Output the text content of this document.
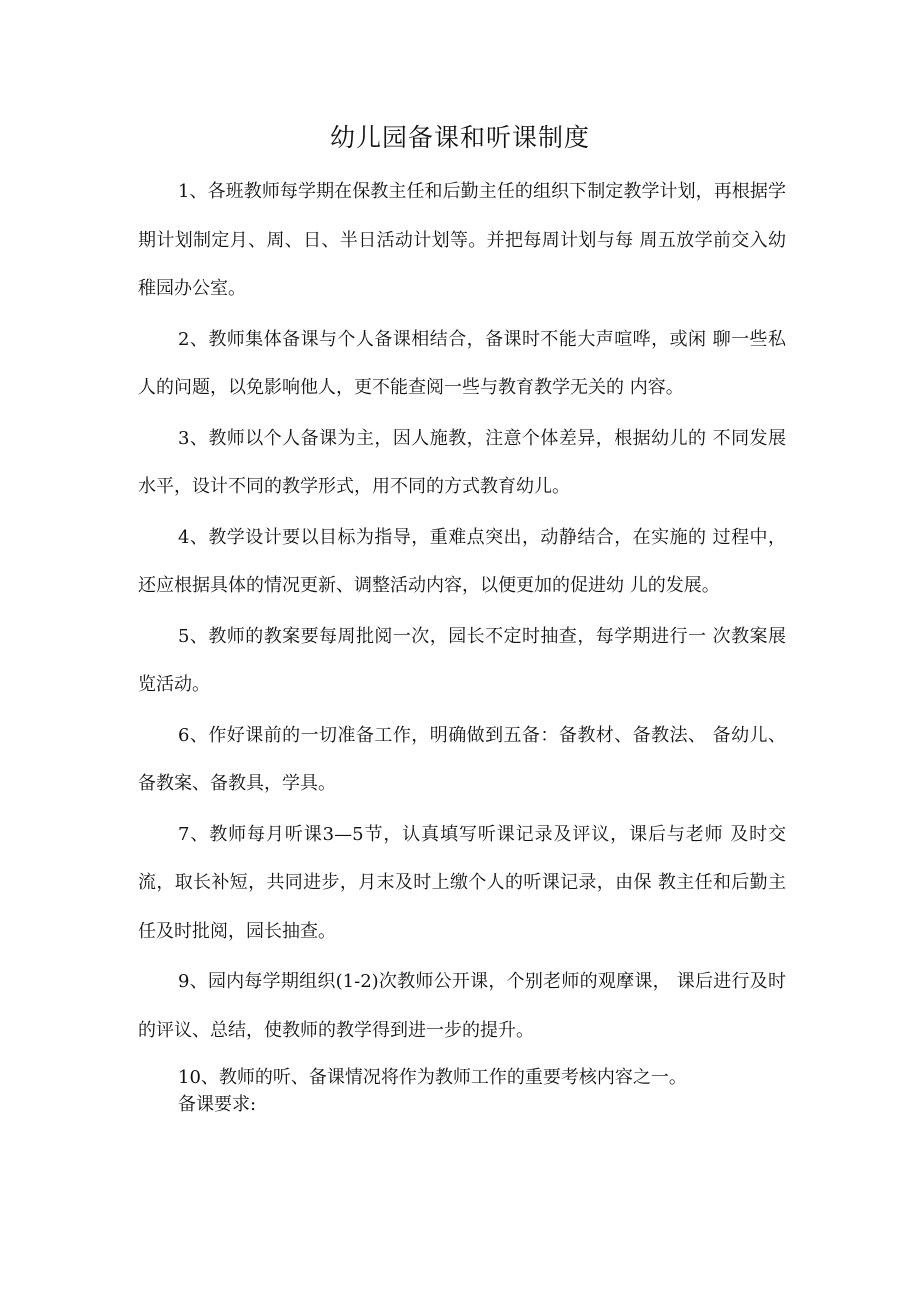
幼儿园备课和听课制度

1、各班教师每学期在保教主任和后勤主任的组织下制定教学计划，再根据学期计划制定月、周、日、半日活动计划等。并把每周计划与每 周五放学前交入幼稚园办公室。

2、教师集体备课与个人备课相结合，备课时不能大声喧哗，或闲 聊一些私人的问题，以免影响他人，更不能查阅一些与教育教学无关的 内容。

3、教师以个人备课为主，因人施教，注意个体差异，根据幼儿的 不同发展水平，设计不同的教学形式，用不同的方式教育幼儿。

4、教学设计要以目标为指导，重难点突出，动静结合，在实施的 过程中，还应根据具体的情况更新、调整活动内容，以便更加的促进幼 儿的发展。

5、教师的教案要每周批阅一次，园长不定时抽查，每学期进行一 次教案展览活动。

6、作好课前的一切准备工作，明确做到五备：备教材、备教法、 备幼儿、备教案、备教具，学具。

7、教师每月听课3—5节，认真填写听课记录及评议，课后与老师 及时交流，取长补短，共同进步，月末及时上缴个人的听课记录，由保 教主任和后勤主任及时批阅，园长抽查。

9、园内每学期组织(1-2)次教师公开课，个别老师的观摩课， 课后进行及时的评议、总结，使教师的教学得到进一步的提升。

10、教师的听、备课情况将作为教师工作的重要考核内容之一。

备课要求:
